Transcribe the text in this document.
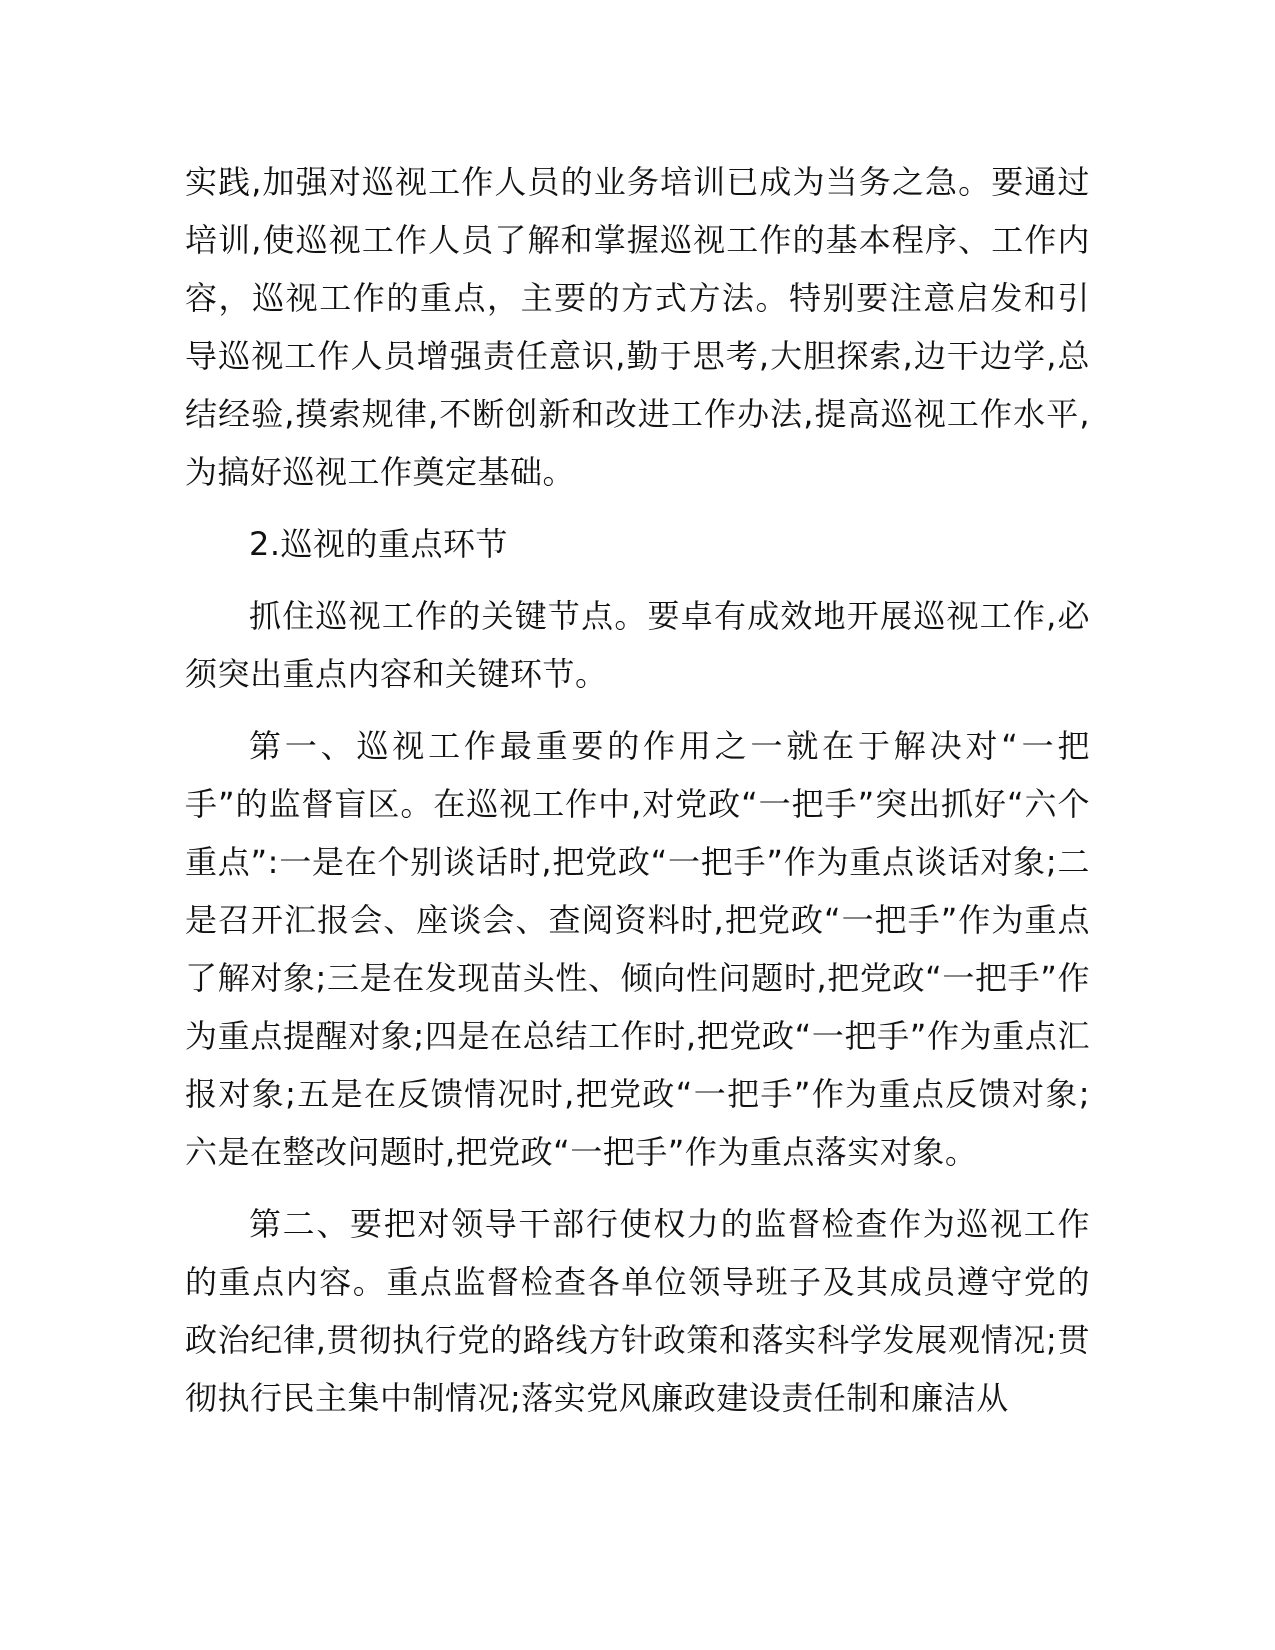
实践,加强对巡视工作人员的业务培训已成为当务之急。要通过培训,使巡视工作人员了解和掌握巡视工作的基本程序、工作内容，巡视工作的重点，主要的方式方法。特别要注意启发和引导巡视工作人员增强责任意识,勤于思考,大胆探索,边干边学,总结经验,摸索规律,不断创新和改进工作办法,提高巡视工作水平,为搞好巡视工作奠定基础。

2.巡视的重点环节

抓住巡视工作的关键节点。要卓有成效地开展巡视工作,必须突出重点内容和关键环节。

第一、巡视工作最重要的作用之一就在于解决对“一把手”的监督盲区。在巡视工作中,对党政“一把手”突出抓好“六个重点”:一是在个别谈话时,把党政“一把手”作为重点谈话对象;二是召开汇报会、座谈会、查阅资料时,把党政“一把手”作为重点了解对象;三是在发现苗头性、倾向性问题时,把党政“一把手”作为重点提醒对象;四是在总结工作时,把党政“一把手”作为重点汇报对象;五是在反馈情况时,把党政“一把手”作为重点反馈对象;六是在整改问题时,把党政“一把手”作为重点落实对象。

第二、要把对领导干部行使权力的监督检查作为巡视工作的重点内容。重点监督检查各单位领导班子及其成员遵守党的政治纪律,贯彻执行党的路线方针政策和落实科学发展观情况;贯彻执行民主集中制情况;落实党风廉政建设责任制和廉洁从
